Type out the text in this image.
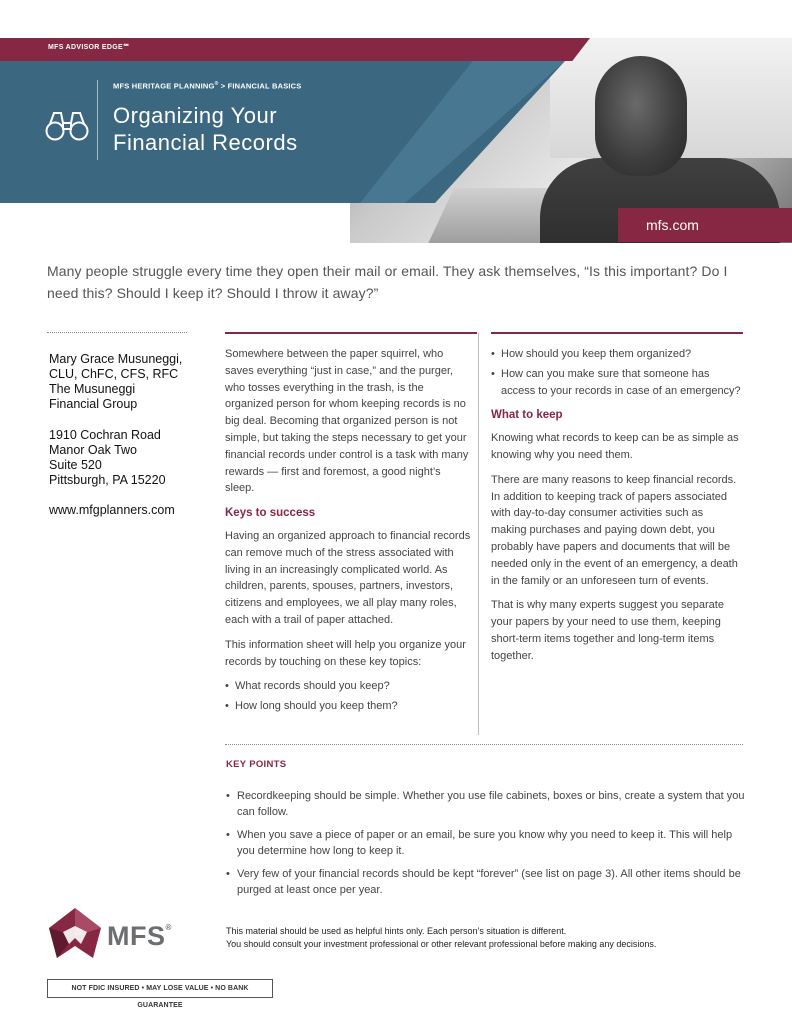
MFS ADVISOR EDGE℠
MFS HERITAGE PLANNING® > FINANCIAL BASICS
Organizing Your
Financial Records
mfs.com

Many people struggle every time they open their mail or email. They ask themselves, “Is this important? Do I need this? Should I keep it? Should I throw it away?”

Mary Grace Musuneggi,
CLU, ChFC, CFS, RFC
The Musuneggi
Financial Group
1910 Cochran Road
Manor Oak Two
Suite 520
Pittsburgh, PA 15220
www.mfgplanners.com

Somewhere between the paper squirrel, who saves everything “just in case,” and the purger, who tosses everything in the trash, is the organized person for whom keeping records is no big deal. Becoming that organized person is not simple, but taking the steps necessary to get your financial records under control is a task with many rewards — first and foremost, a good night’s sleep.

Keys to success

Having an organized approach to financial records can remove much of the stress associated with living in an increasingly complicated world. As children, parents, spouses, partners, investors, citizens and employees, we all play many roles, each with a trail of paper attached.

This information sheet will help you organize your records by touching on these key topics:

• What records should you keep?
• How long should you keep them?
• How should you keep them organized?
• How can you make sure that someone has access to your records in case of an emergency?
What to keep

Knowing what records to keep can be as simple as knowing why you need them.

There are many reasons to keep financial records. In addition to keeping track of papers associated with day-to-day consumer activities such as making purchases and paying down debt, you probably have papers and documents that will be needed only in the event of an emergency, a death in the family or an unforeseen turn of events.

That is why many experts suggest you separate your papers by your need to use them, keeping short-term items together and long-term items together.

KEY POINTS
• Recordkeeping should be simple. Whether you use file cabinets, boxes or bins, create a system that you can follow.
• When you save a piece of paper or an email, be sure you know why you need to keep it. This will help you determine how long to keep it.
• Very few of your financial records should be kept “forever” (see list on page 3). All other items should be purged at least once per year.
MFS®	This material should be used as helpful hints only. Each person’s situation is different.
You should consult your investment professional or other relevant professional before making any decisions.
NOT FDIC INSURED • MAY LOSE VALUE • NO BANK GUARANTEE
